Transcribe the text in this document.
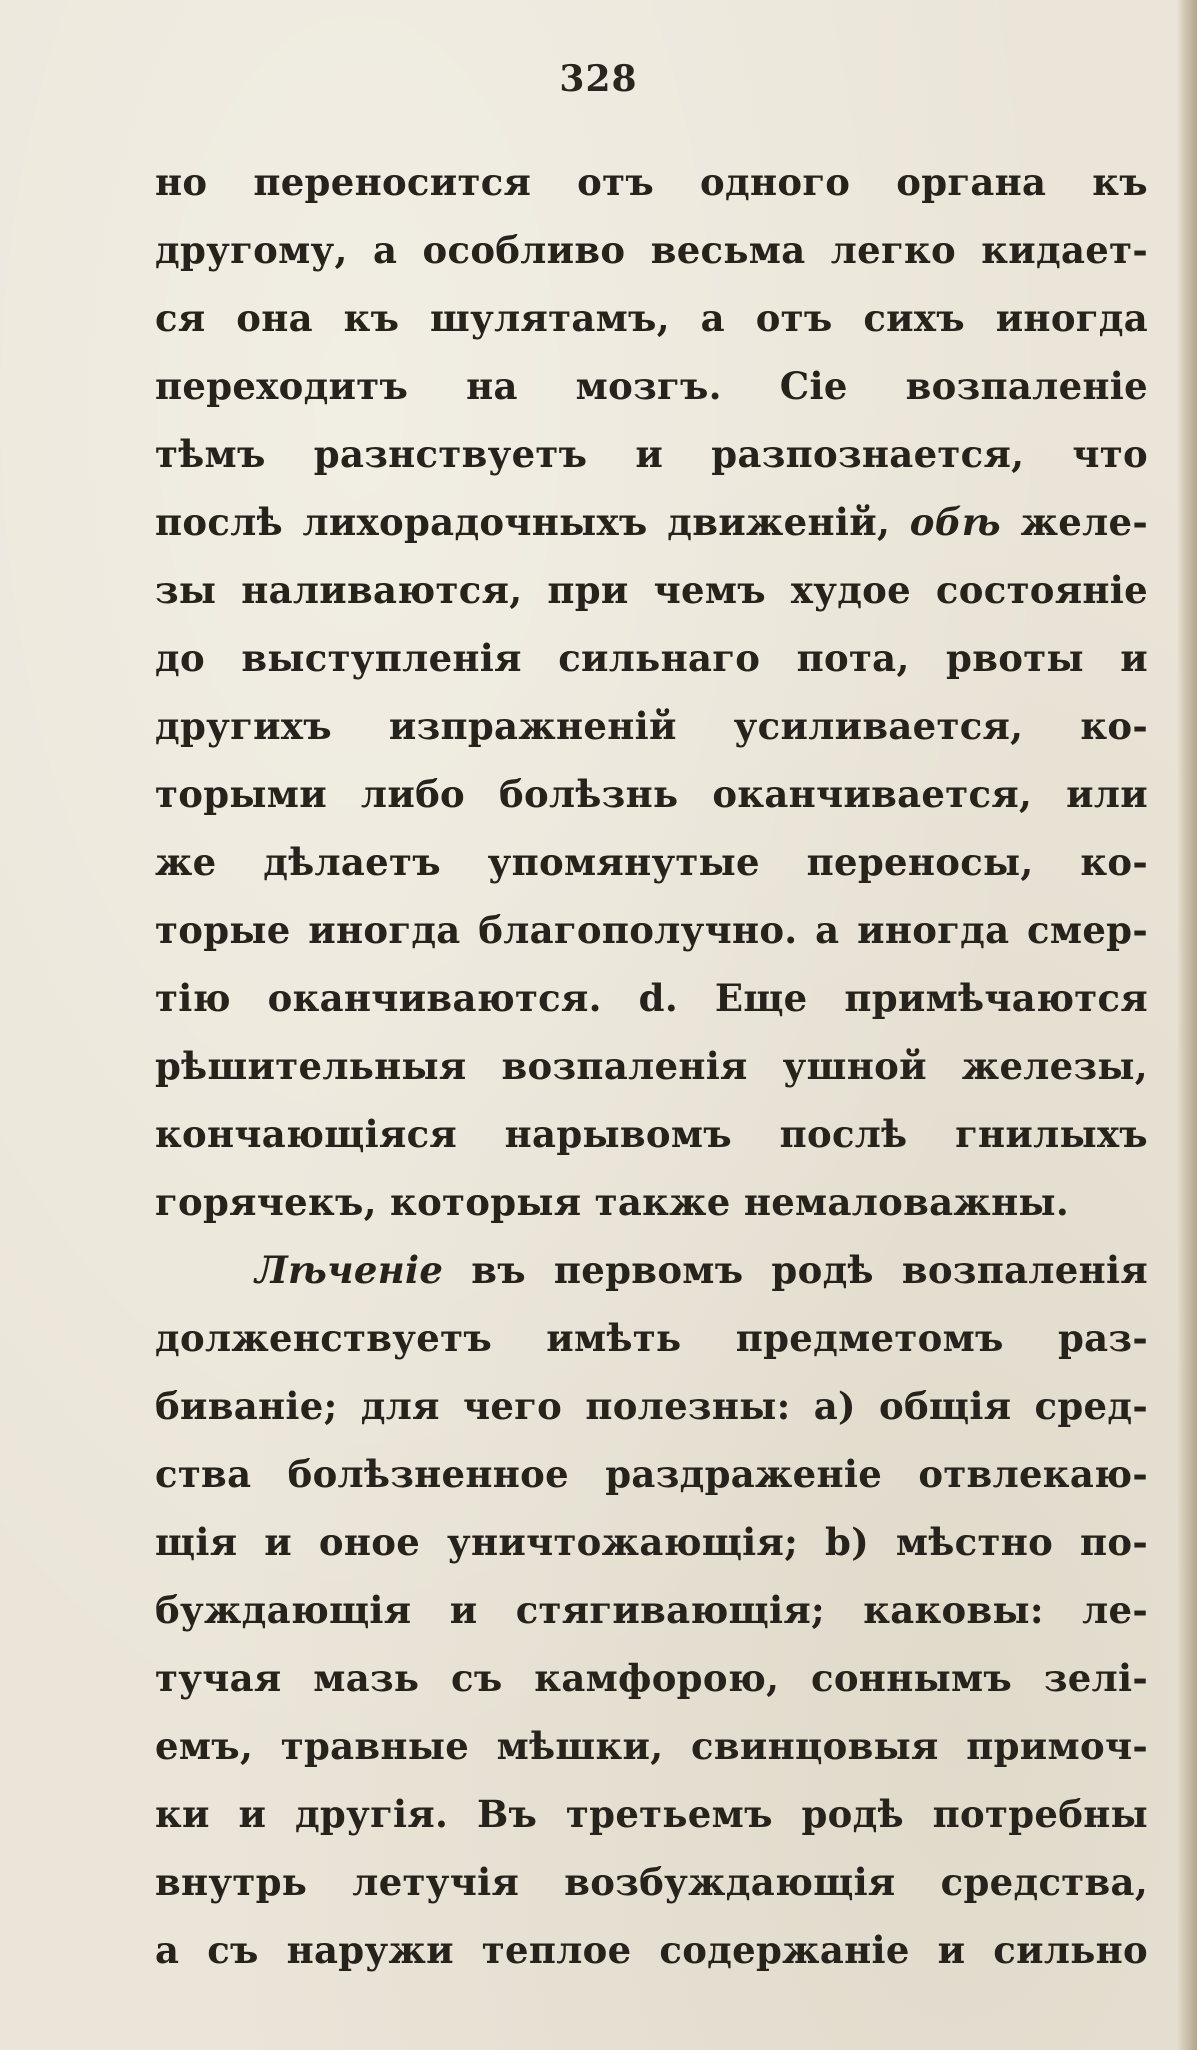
328
но переносится отъ одного органа къ
другому, а особливо весьма легко кидает-
ся она къ шулятамъ, а отъ сихъ иногда
переходитъ на мозгъ. Сіе возпаленіе
тѣмъ разнствуетъ и разпознается, что
послѣ лихорадочныхъ движеній, обѣ желе-
зы наливаются, при чемъ худое состояніе
до выступленія сильнаго пота, рвоты и
другихъ изпражненій усиливается, ко-
торыми либо болѣзнь оканчивается, или
же дѣлаетъ упомянутые переносы, ко-
торые иногда благополучно. а иногда смер-
тію оканчиваются. d. Еще примѣчаются
рѣшительныя возпаленія ушной железы,
кончающіяся нарывомъ послѣ гнилыхъ
горячекъ, которыя также немаловажны.
Лѣченіе въ первомъ родѣ возпаленія
долженствуетъ имѣть предметомъ раз-
биваніе; для чего полезны: a) общія сред-
ства болѣзненное раздраженіе отвлекаю-
щія и оное уничтожающія; b) мѣстно по-
буждающія и стягивающія; каковы: ле-
тучая мазь съ камфорою, соннымъ зелі-
емъ, травные мѣшки, свинцовыя примоч-
ки и другія. Въ третьемъ родѣ потребны
внутрь летучія возбуждающія средства,
а съ наружи теплое содержаніе и сильно
